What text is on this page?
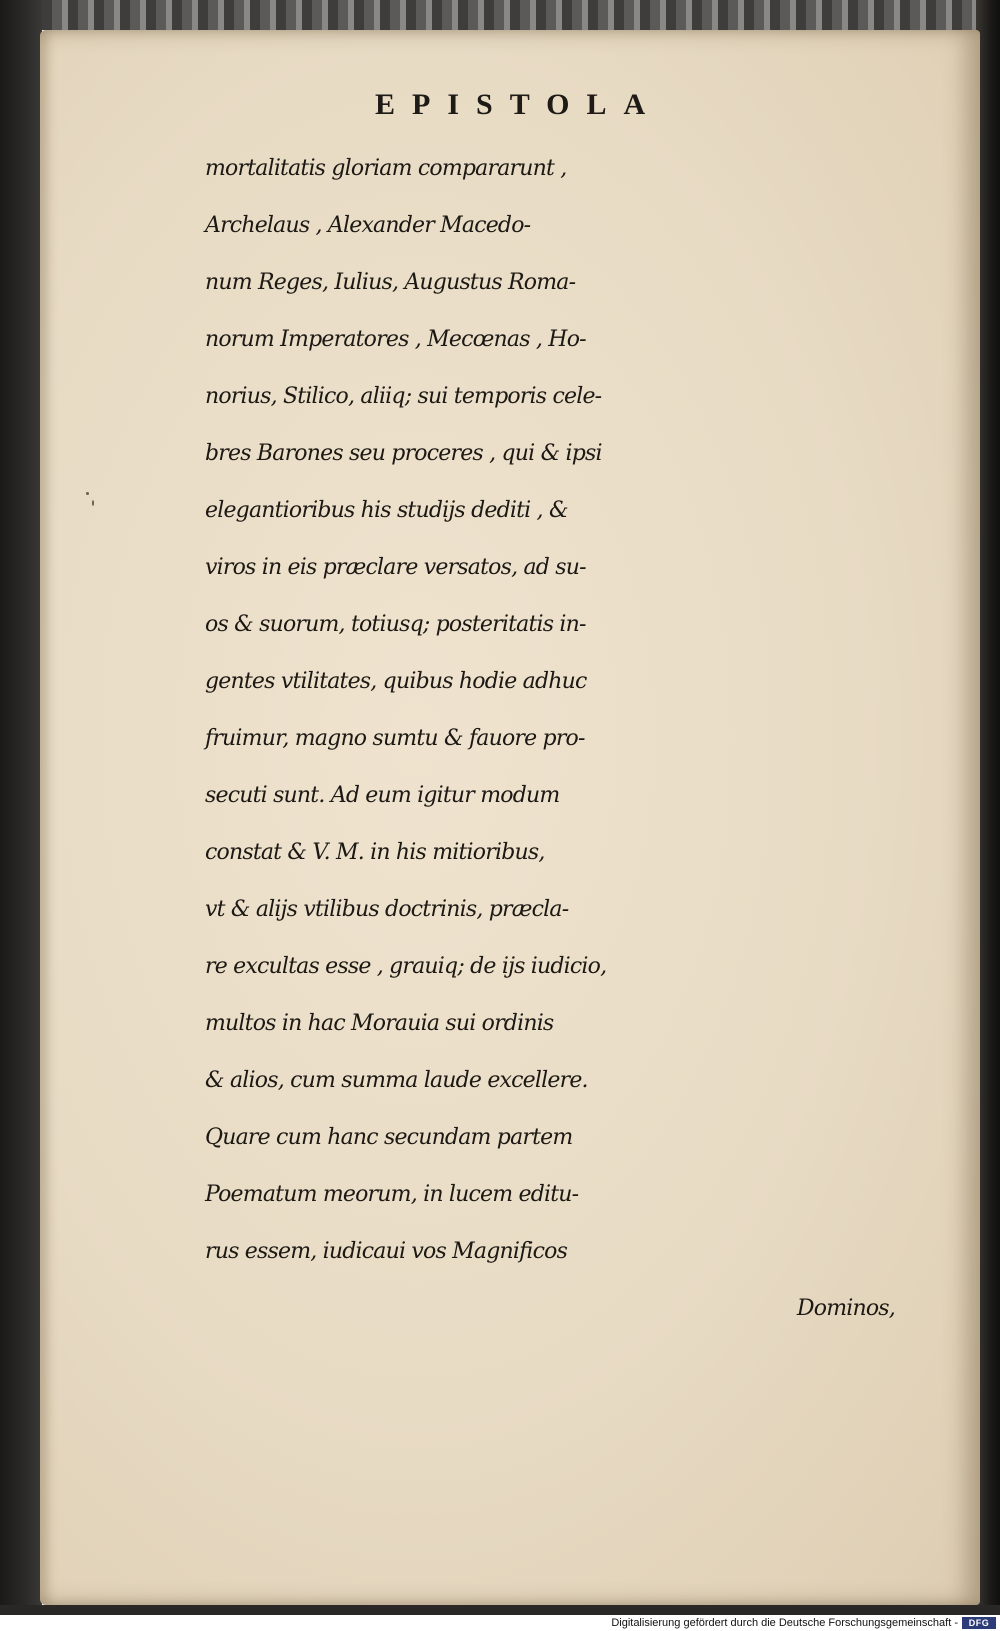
EPISTOLA
mortalitatis gloriam compararunt ,
Archelaus , Alexander Macedo-
num Reges, Iulius, Augustus Roma-
norum Imperatores , Mecœnas , Ho-
norius, Stilico, aliiq; sui temporis cele-
bres Barones seu proceres , qui & ipsi
elegantioribus his studijs dediti , &
viros in eis præclare versatos, ad su-
os & suorum, totiusq; posteritatis in-
gentes vtilitates, quibus hodie adhuc
fruimur, magno sumtu & fauore pro-
secuti sunt. Ad eum igitur modum
constat & V. M. in his mitioribus,
vt & alijs vtilibus doctrinis, præcla-
re excultas esse , grauiq; de ijs iudicio,
multos in hac Morauia sui ordinis
& alios, cum summa laude excellere.
Quare cum hanc secundam partem
Poematum meorum, in lucem editu-
rus essem, iudicaui vos Magnificos
Dominos,
Digitalisierung gefördert durch die Deutsche Forschungsgemeinschaft -	DFG
